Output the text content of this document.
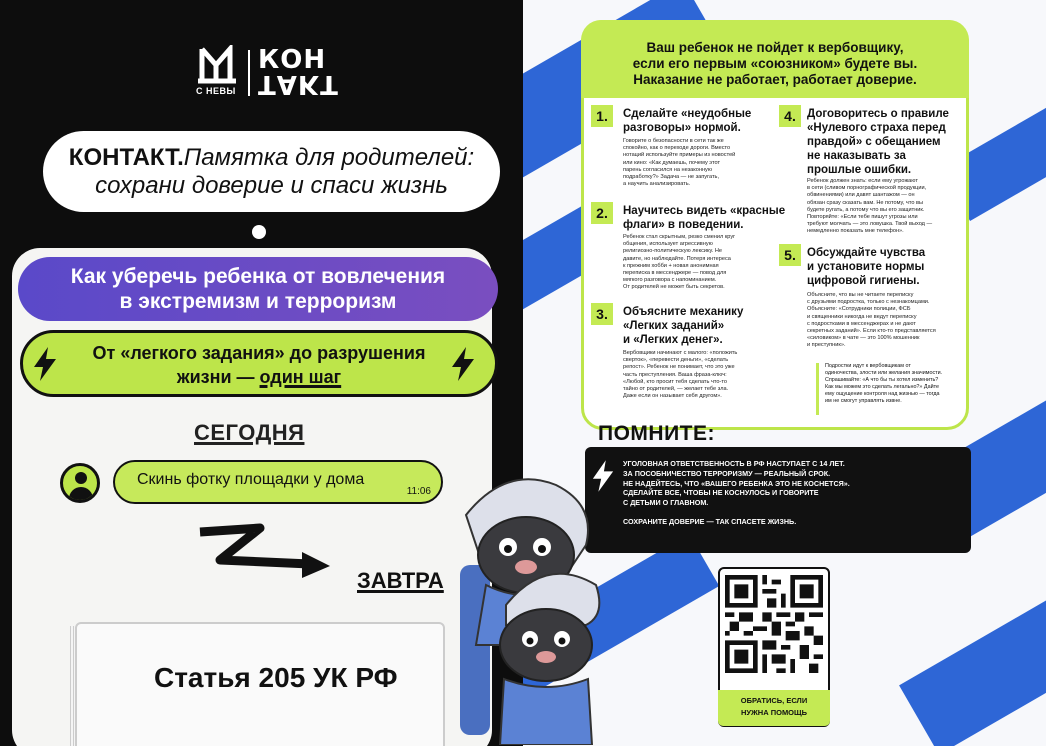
С НЕВЫ
КОН
ТАКТ
КОНТАКТ.Памятка для родителей:
сохрани доверие и спаси жизнь
Как уберечь ребенка от вовлечения
в экстремизм и терроризм
От «легкого задания» до разрушения
жизни — один шаг
СЕГОДНЯ
Скинь фотку площадки у дома
11:06
ЗАВТРА
Статья 205 УК РФ
Ваш ребенок не пойдет к вербовщику,
если его первым «союзником» будете вы.
Наказание не работает, работает доверие.
1.	Сделайте «неудобные
разговоры» нормой.
Говорите о безопасности в сети так же
спокойно, как о переходе дороги. Вместо
нотаций используйте примеры из новостей
или кино: «Как думаешь, почему этот
парень согласился на незаконную
подработку?» Задача — не запугать,
а научить анализировать.
2.	Научитесь видеть «красные
флаги» в поведении.
Ребенок стал скрытным, резко сменил круг
общения, использует агрессивную
религиозно-политическую лексику. Не
давите, но наблюдайте. Потеря интереса
к прежним хобби + новая анонимная
переписка в мессенджере — повод для
мягкого разговора с напоминанием.
От родителей не может быть секретов.
3.	Объясните механику
«Легких заданий»
и «Легких денег».
Вербовщики начинают с малого: «положить
сверток», «перевести деньги», «сделать
репост». Ребенок не понимает, что это уже
часть преступления. Ваша фраза-ключ:
«Любой, кто просит тебя сделать что-то
тайно от родителей, — желает тебе зла.
Даже если он называет себя другом».
4. Договоритесь о правиле
«Нулевого страха перед
правдой» с обещанием
не наказывать за
прошлые ошибки.
Ребенок должен знать: если ему угрожают
в сети (сливом порнографической продукции,
обвинениями) или давят шантажом — он
обязан сразу сказать вам. Не потому, что вы
будете ругать, а потому что вы его защитник.
Повторяйте: «Если тебе пишут угрозы или
требуют молчать — это ловушка. Твой выход —
немедленно показать мне телефон».
5. Обсуждайте чувства
и установите нормы
цифровой гигиены.
Объясните, что вы не читаете переписку
с друзьями подростка, только с незнакомцами.
Объясните: «Сотрудники полиции, ФСБ
и священники никогда не ведут переписку
с подростками в мессенджерах и не дают
секретных заданий». Если кто-то представляется
«силовиком» в чате — это 100% мошенник
и преступник».
Подростки идут к вербовщикам от
одиночества, злости или желания значимости.
Спрашивайте: «А что бы ты хотел изменить?
Как мы можем это сделать легально?» Дайте
ему ощущение контроля над жизнью — тогда
им не смогут управлять извне.
ПОМНИТЕ:
УГОЛОВНАЯ ОТВЕТСТВЕННОСТЬ В РФ НАСТУПАЕТ С 14 ЛЕТ.
ЗА ПОСОБНИЧЕСТВО ТЕРРОРИЗМУ — РЕАЛЬНЫЙ СРОК.
НЕ НАДЕЙТЕСЬ, ЧТО «ВАШЕГО РЕБЕНКА ЭТО НЕ КОСНЕТСЯ».
СДЕЛАЙТЕ ВСЕ, ЧТОБЫ НЕ КОСНУЛОСЬ И ГОВОРИТЕ
С ДЕТЬМИ О ГЛАВНОМ.
СОХРАНИТЕ ДОВЕРИЕ — ТАК СПАСЕТЕ ЖИЗНЬ.
ОБРАТИСЬ, ЕСЛИ
НУЖНА ПОМОЩЬ
